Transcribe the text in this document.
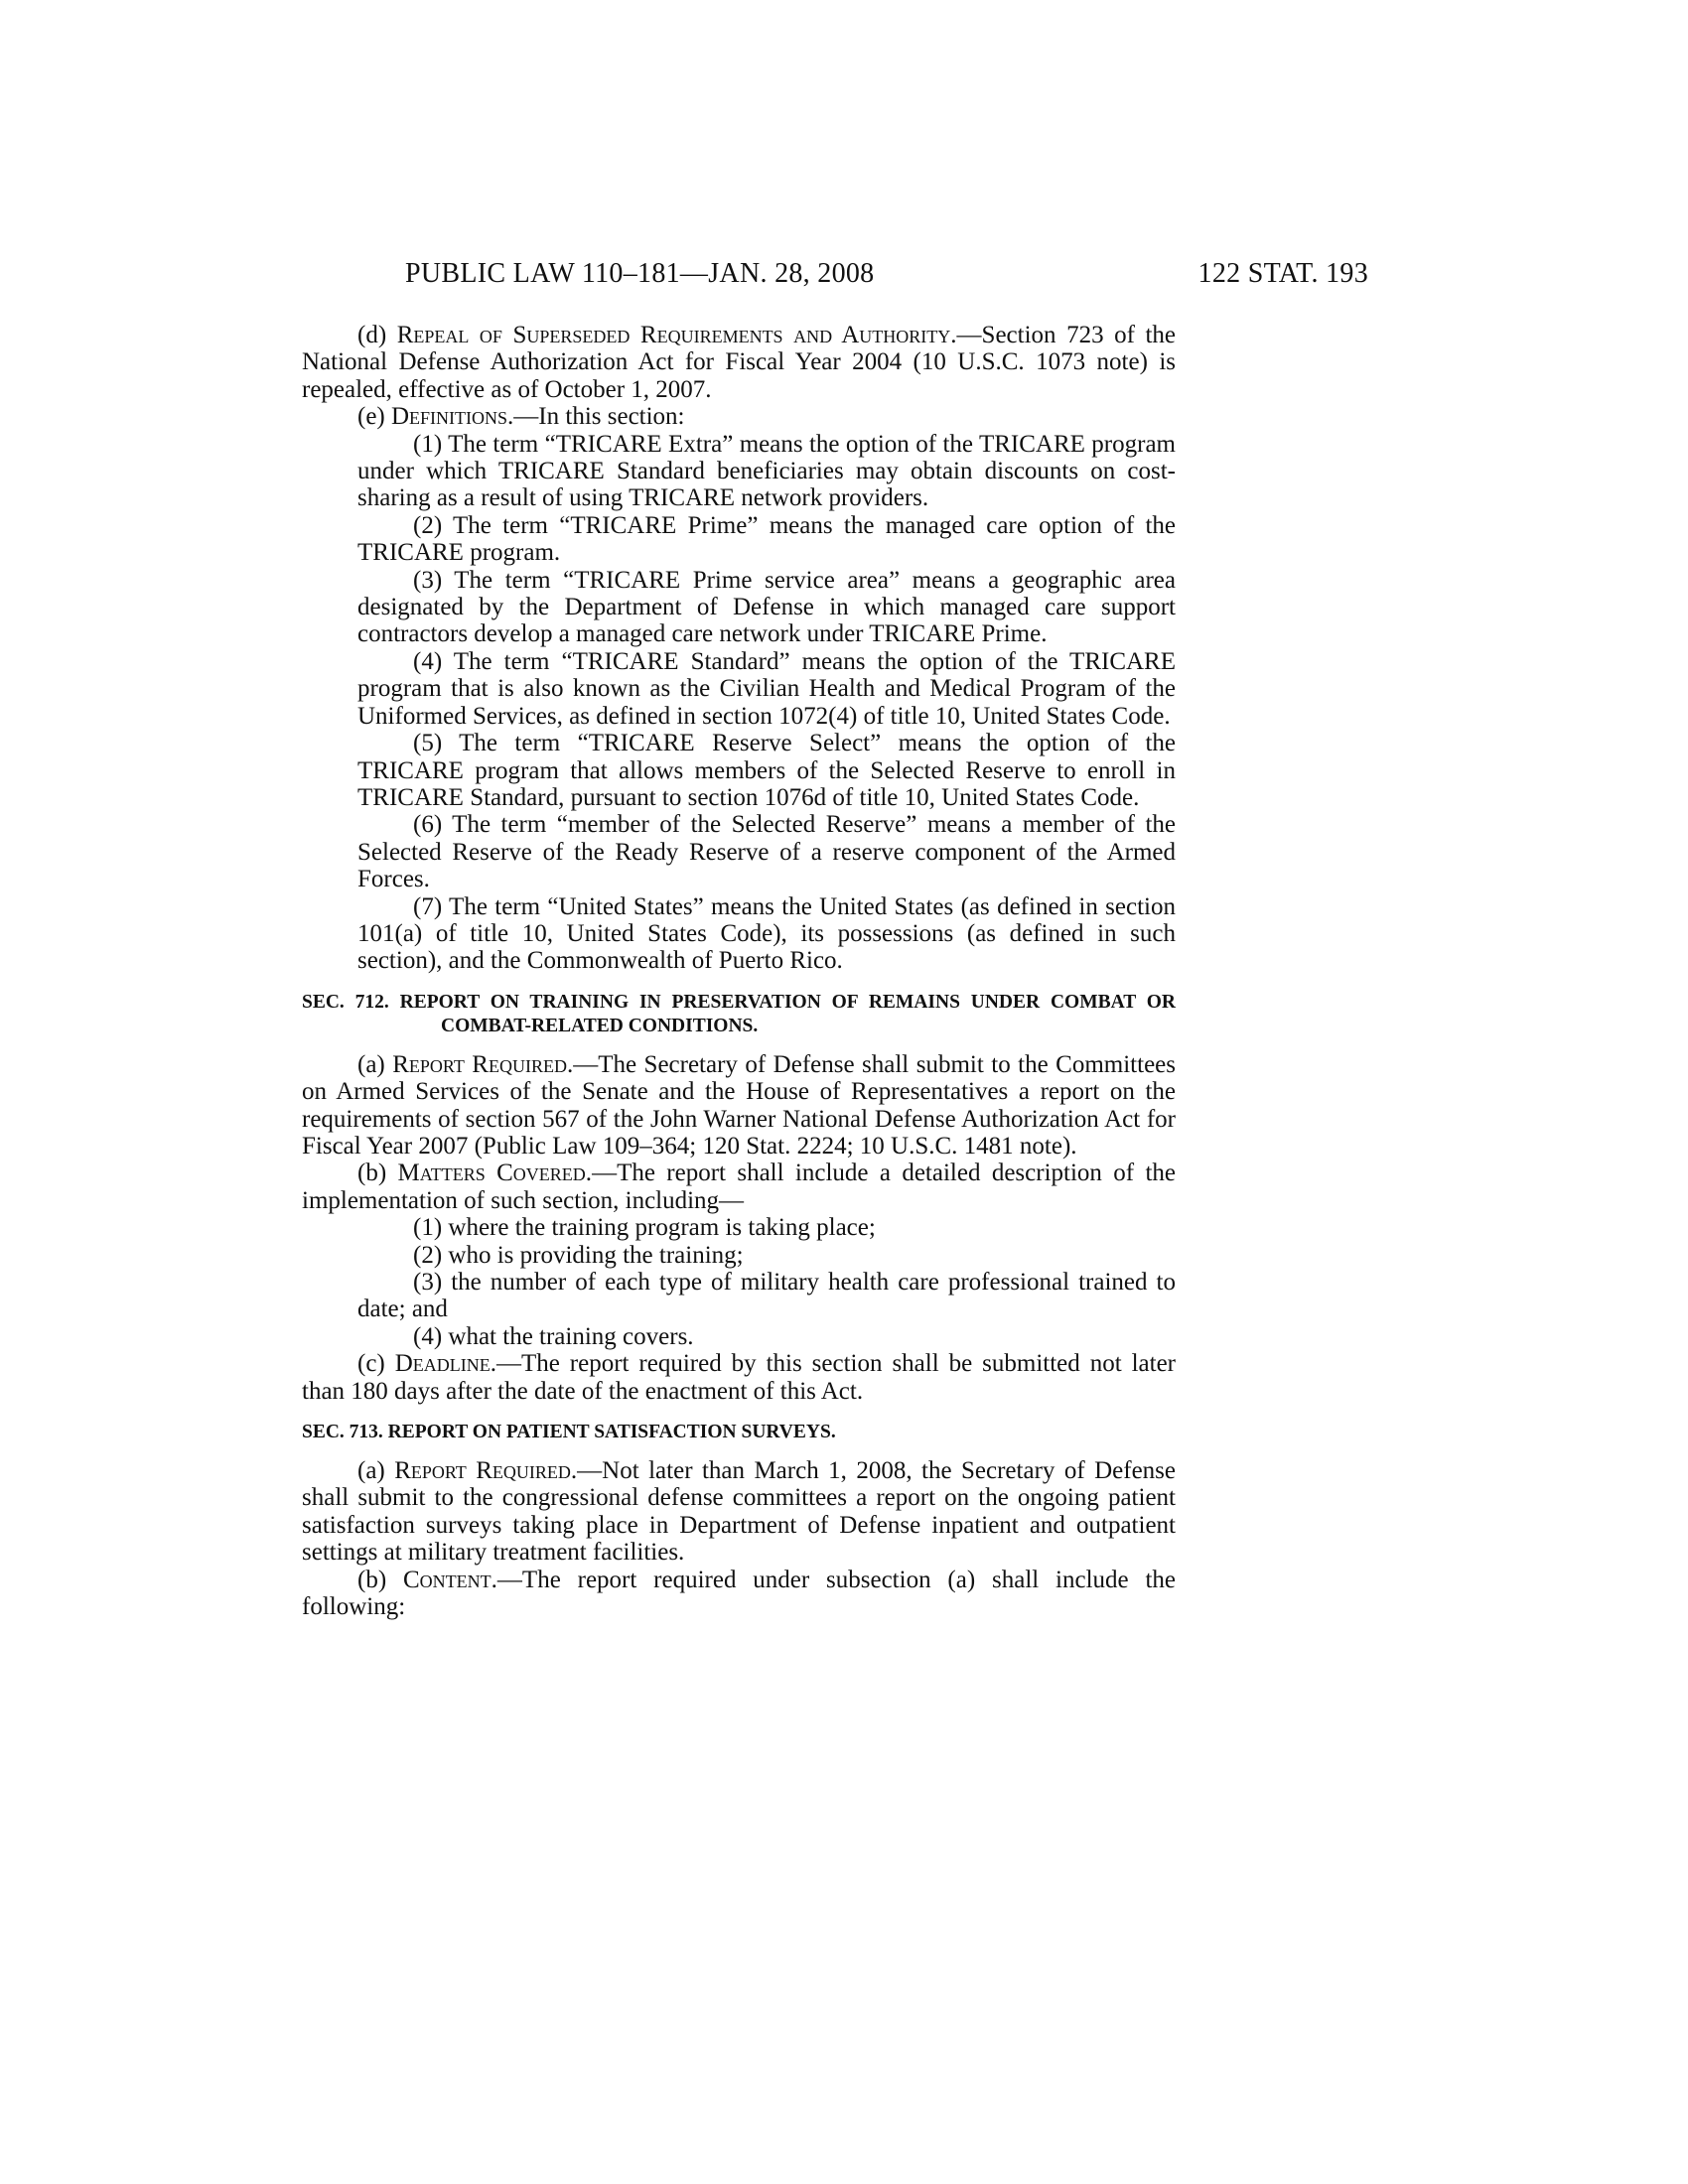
PUBLIC LAW 110–181—JAN. 28, 2008	122 STAT. 193

(d) Repeal of Superseded Requirements and Authority.—Section 723 of the National Defense Authorization Act for Fiscal Year 2004 (10 U.S.C. 1073 note) is repealed, effective as of October 1, 2007.

(e) Definitions.—In this section:

(1) The term “TRICARE Extra” means the option of the TRICARE program under which TRICARE Standard beneficiaries may obtain discounts on cost-sharing as a result of using TRICARE network providers.

(2) The term “TRICARE Prime” means the managed care option of the TRICARE program.

(3) The term “TRICARE Prime service area” means a geographic area designated by the Department of Defense in which managed care support contractors develop a managed care network under TRICARE Prime.

(4) The term “TRICARE Standard” means the option of the TRICARE program that is also known as the Civilian Health and Medical Program of the Uniformed Services, as defined in section 1072(4) of title 10, United States Code.

(5) The term “TRICARE Reserve Select” means the option of the TRICARE program that allows members of the Selected Reserve to enroll in TRICARE Standard, pursuant to section 1076d of title 10, United States Code.

(6) The term “member of the Selected Reserve” means a member of the Selected Reserve of the Ready Reserve of a reserve component of the Armed Forces.

(7) The term “United States” means the United States (as defined in section 101(a) of title 10, United States Code), its possessions (as defined in such section), and the Commonwealth of Puerto Rico.

SEC. 712. REPORT ON TRAINING IN PRESERVATION OF REMAINS UNDER COMBAT OR COMBAT-RELATED CONDITIONS.

(a) Report Required.—The Secretary of Defense shall submit to the Committees on Armed Services of the Senate and the House of Representatives a report on the requirements of section 567 of the John Warner National Defense Authorization Act for Fiscal Year 2007 (Public Law 109–364; 120 Stat. 2224; 10 U.S.C. 1481 note).

(b) Matters Covered.—The report shall include a detailed description of the implementation of such section, including—

(1) where the training program is taking place;

(2) who is providing the training;

(3) the number of each type of military health care professional trained to date; and

(4) what the training covers.

(c) Deadline.—The report required by this section shall be submitted not later than 180 days after the date of the enactment of this Act.

SEC. 713. REPORT ON PATIENT SATISFACTION SURVEYS.

(a) Report Required.—Not later than March 1, 2008, the Secretary of Defense shall submit to the congressional defense committees a report on the ongoing patient satisfaction surveys taking place in Department of Defense inpatient and outpatient settings at military treatment facilities.

(b) Content.—The report required under subsection (a) shall include the following:
